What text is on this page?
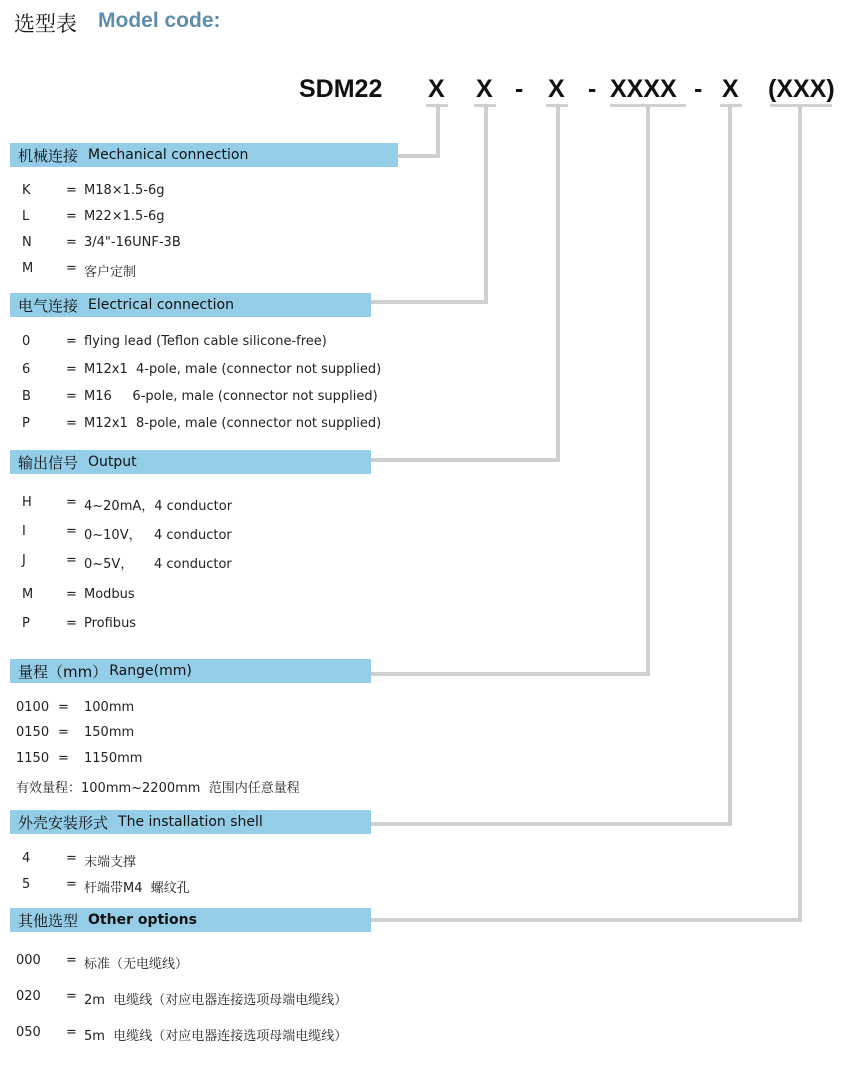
选型表 Model code:
SDM22 X X - X - XXXX - X (XXX)
机械连接 Mechanical connection
K	= M18×1.5-6g
L	= M22×1.5-6g
N	= 3/4"-16UNF-3B
M	= 客户定制
电气连接 Electrical connection
0	= flying lead (Teflon cable silicone-free)
6	= M12x1  4-pole, male (connector not supplied)
B	= M16     6-pole, male (connector not supplied)
P	= M12x1  8-pole, male (connector not supplied)
输出信号 Output
H	= 4~20mA，4 conductor
I	= 0~10V，   4 conductor
J	= 0~5V，     4 conductor
M	= Modbus
P	= Profibus
量程（mm） Range(mm)
0100 = 100mm
0150 = 150mm
1150 = 1150mm
有效量程：100mm~2200mm  范围内任意量程
外壳安装形式 The installation shell
4	= 末端支撑
5	= 杆端带M4  螺纹孔
其他选型 Other options
000 = 标准（无电缆线）
020 = 2m  电缆线（对应电器连接选项母端电缆线）
050 = 5m  电缆线（对应电器连接选项母端电缆线）
